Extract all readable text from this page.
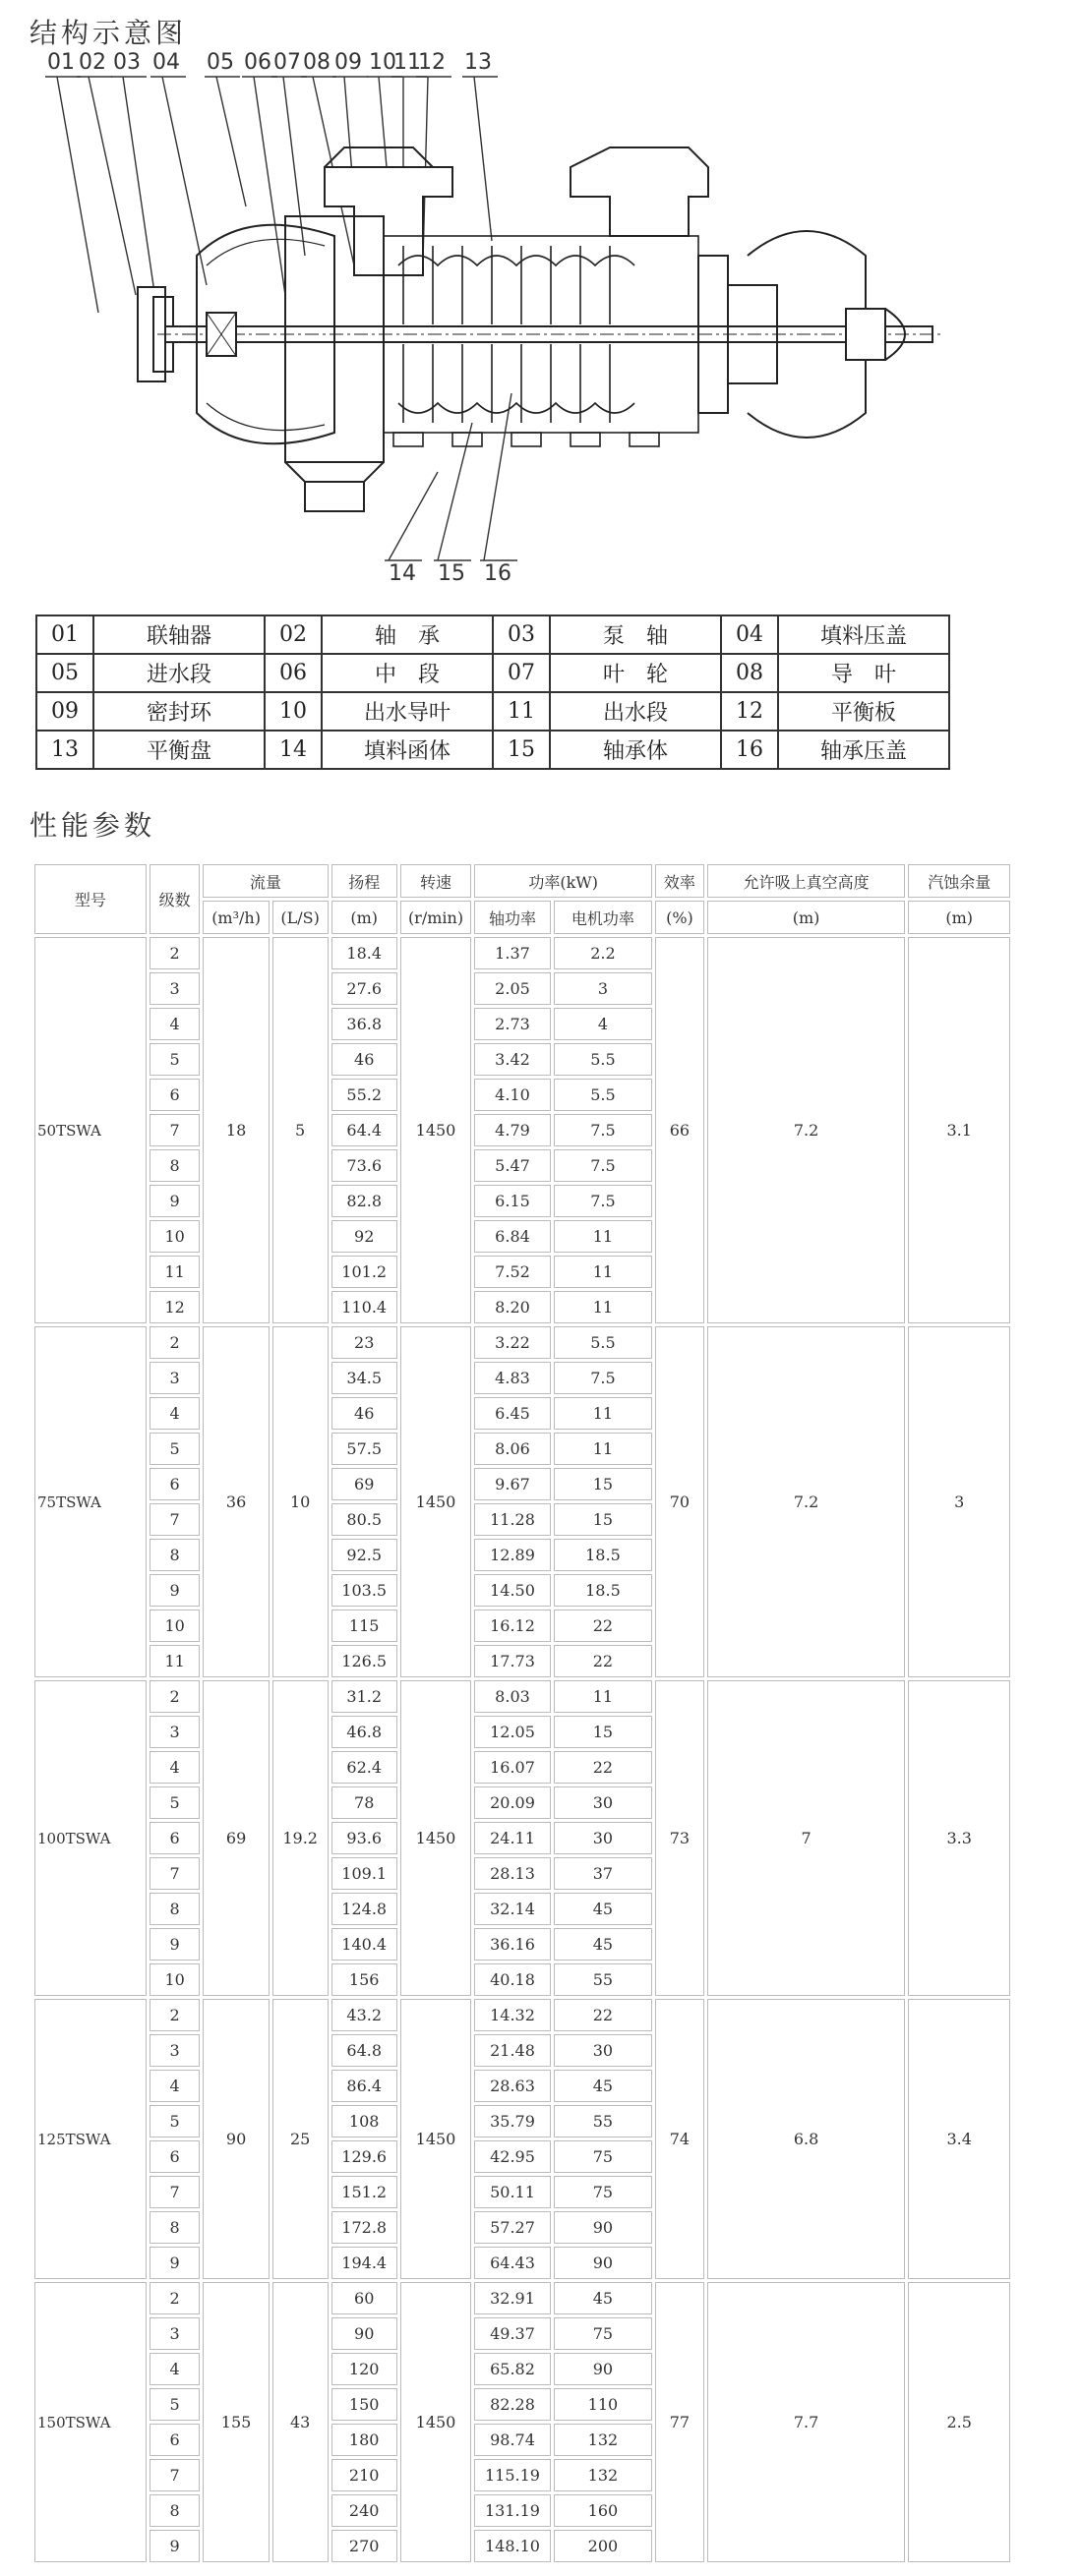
结构示意图
01 02 03 04 05 06 07 08 09 10
11
12 13
14 15 16
01	联轴器	02	轴　承	03	泵　轴	04	填料压盖
05	进水段	06	中　段	07	叶　轮	08	导　叶
09	密封环	10	出水导叶	11	出水段	12	平衡板
13	平衡盘	14	填料函体	15	轴承体	16	轴承压盖
性能参数
型号	级数	流量		扬程	转速	功率(kW)		效率	允许吸上真空高度	汽蚀余量
		(m³/h)	(L/S)	(m)	(r/min)	轴功率	电机功率	(%)	(m)	(m)
50TSWA	2	18	5	18.4	1450	1.37	2.2	66	7.2	3.1
	3			27.6		2.05	3			
	4			36.8		2.73	4			
	5			46		3.42	5.5			
	6			55.2		4.10	5.5			
	7			64.4		4.79	7.5			
	8			73.6		5.47	7.5			
	9			82.8		6.15	7.5			
	10			92		6.84	11			
	11			101.2		7.52	11			
	12			110.4		8.20	11			
75TSWA	2	36	10	23	1450	3.22	5.5	70	7.2	3
	3			34.5		4.83	7.5			
	4			46		6.45	11			
	5			57.5		8.06	11			
	6			69		9.67	15			
	7			80.5		11.28	15			
	8			92.5		12.89	18.5			
	9			103.5		14.50	18.5			
	10			115		16.12	22			
	11			126.5		17.73	22			
100TSWA	2	69	19.2	31.2	1450	8.03	11	73	7	3.3
	3			46.8		12.05	15			
	4			62.4		16.07	22			
	5			78		20.09	30			
	6			93.6		24.11	30			
	7			109.1		28.13	37			
	8			124.8		32.14	45			
	9			140.4		36.16	45			
	10			156		40.18	55			
125TSWA	2	90	25	43.2	1450	14.32	22	74	6.8	3.4
	3			64.8		21.48	30			
	4			86.4		28.63	45			
	5			108		35.79	55			
	6			129.6		42.95	75			
	7			151.2		50.11	75			
	8			172.8		57.27	90			
	9			194.4		64.43	90			
150TSWA	2	155	43	60	1450	32.91	45	77	7.7	2.5
	3			90		49.37	75			
	4			120		65.82	90			
	5			150		82.28	110			
	6			180		98.74	132			
	7			210		115.19	132			
	8			240		131.19	160			
	9			270		148.10	200			
